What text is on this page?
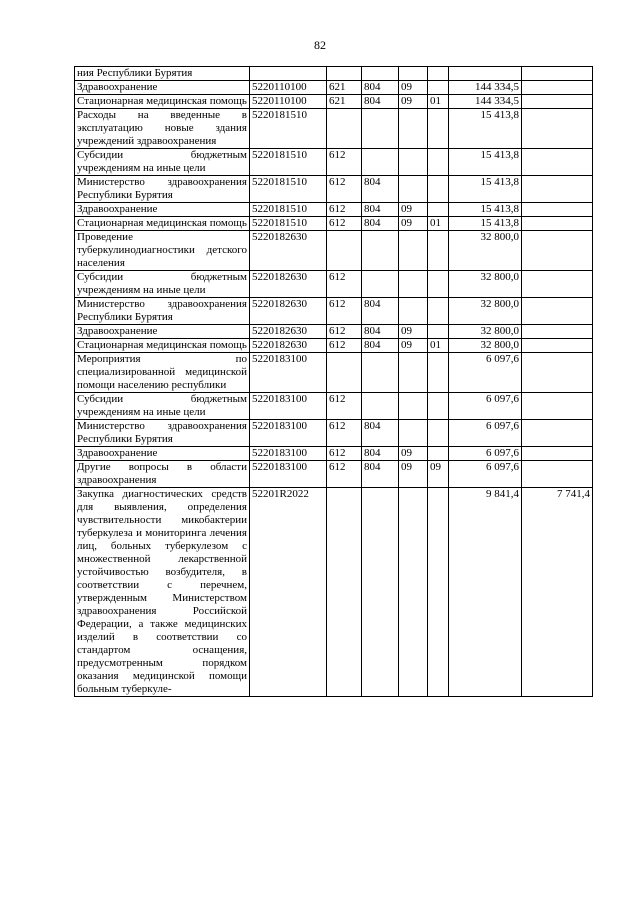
82
ния Республики Бурятия							
Здравоохранение	5220110100	621	804	09		144 334,5	
Стационарная медицинская помощь	5220110100	621	804	09	01	144 334,5	
Расходы на введенные в эксплуатацию новые здания учреждений здравоохранения	5220181510					15 413,8	
Субсидии бюджетным учреждениям на иные цели	5220181510	612				15 413,8	
Министерство здравоохранения Республики Бурятия	5220181510	612	804			15 413,8	
Здравоохранение	5220181510	612	804	09		15 413,8	
Стационарная медицинская помощь	5220181510	612	804	09	01	15 413,8	
Проведение туберкулинодиагностики детского населения	5220182630					32 800,0	
Субсидии бюджетным учреждениям на иные цели	5220182630	612				32 800,0	
Министерство здравоохранения Республики Бурятия	5220182630	612	804			32 800,0	
Здравоохранение	5220182630	612	804	09		32 800,0	
Стационарная медицинская помощь	5220182630	612	804	09	01	32 800,0	
Мероприятия по специализированной медицинской помощи населению республики	5220183100					6 097,6	
Субсидии бюджетным учреждениям на иные цели	5220183100	612				6 097,6	
Министерство здравоохранения Республики Бурятия	5220183100	612	804			6 097,6	
Здравоохранение	5220183100	612	804	09		6 097,6	
Другие вопросы в области здравоохранения	5220183100	612	804	09	09	6 097,6	
Закупка диагностических средств для выявления, определения чувствительности микобактерии туберкулеза и мониторинга лечения лиц, больных туберкулезом с множественной лекарственной устойчивостью возбудителя, в соответствии с перечнем, утвержденным Министерством здравоохранения Российской Федерации, а также медицинских изделий в соответствии со стандартом оснащения, предусмотренным порядком оказания медицинской помощи больным туберкуле-	52201R2022					9 841,4	7 741,4
